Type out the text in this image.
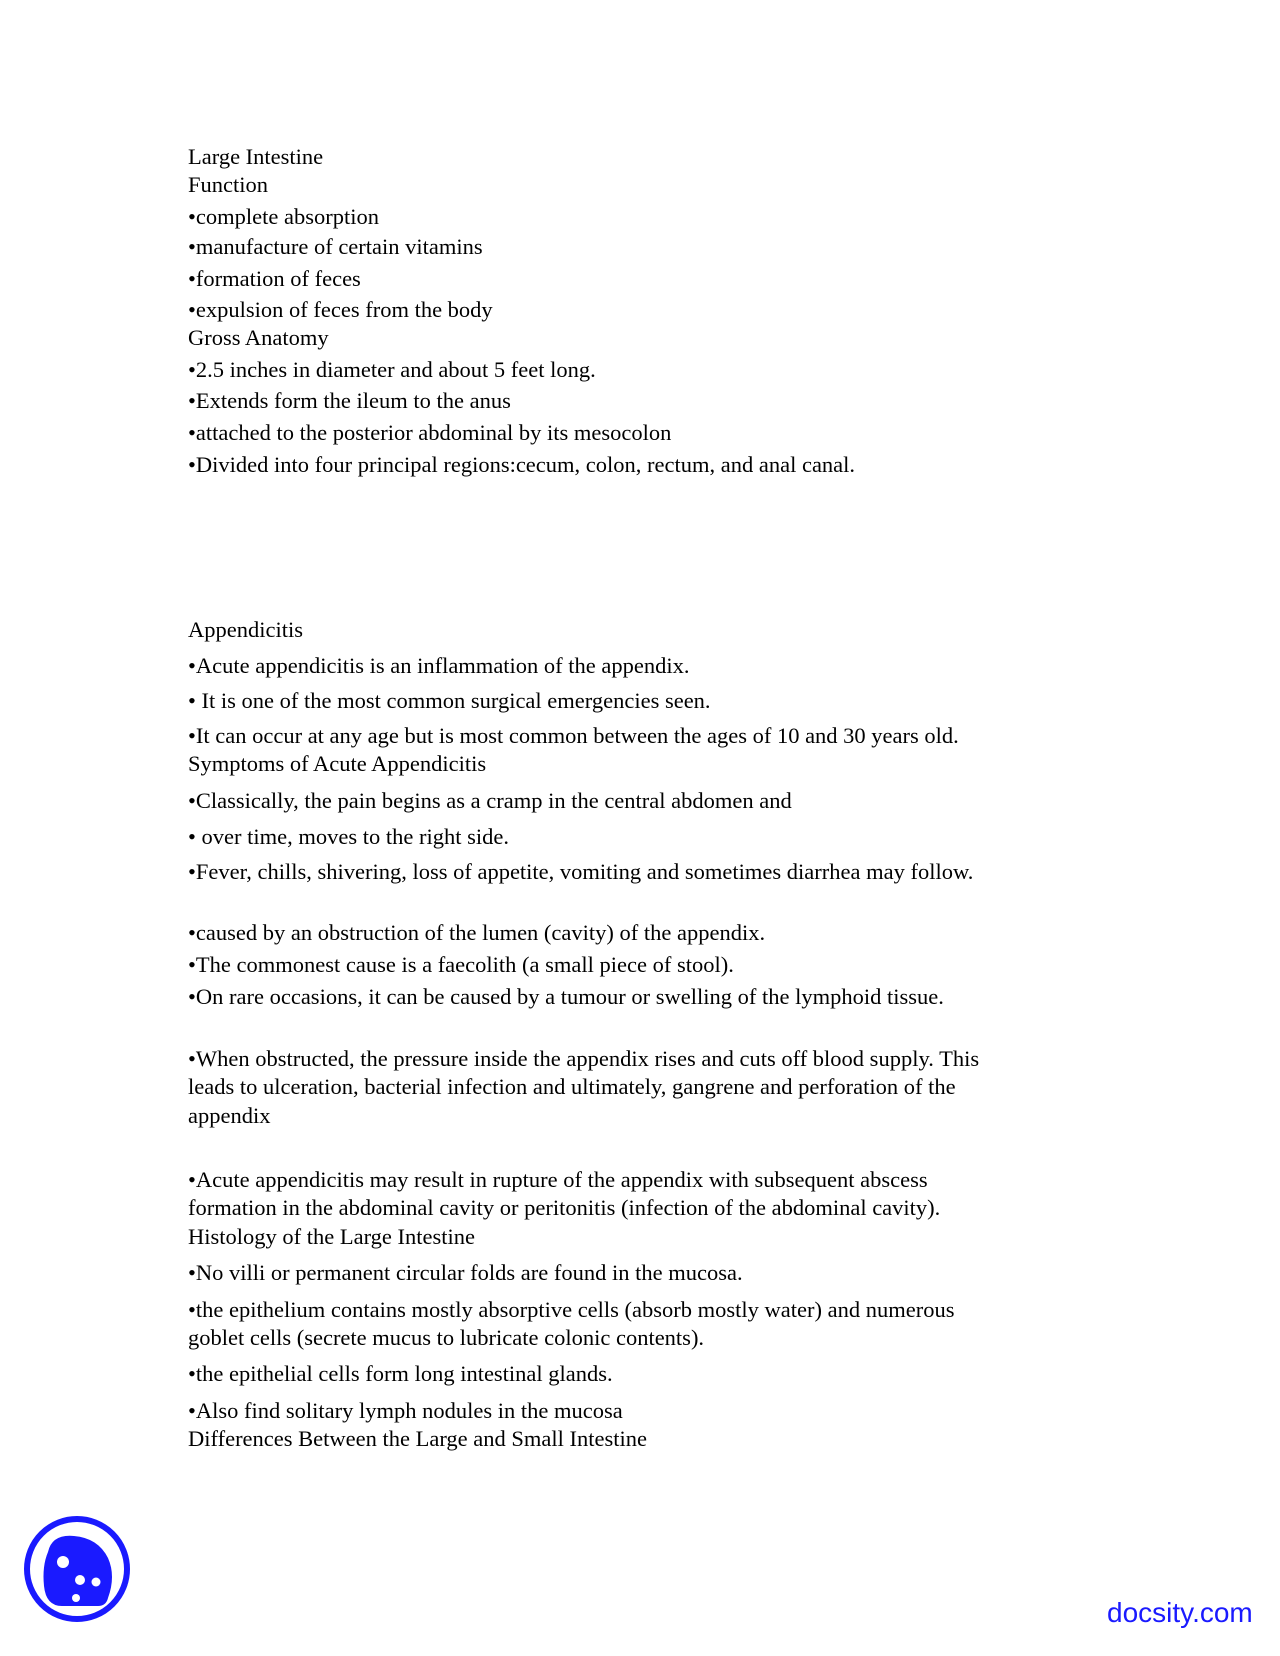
Large Intestine
Function
• complete absorption
• manufacture of certain vitamins
• formation of feces
• expulsion of feces from the body
Gross Anatomy
• 2.5 inches in diameter and about 5 feet long.
• Extends form the ileum to the anus
• attached to the posterior abdominal by its mesocolon
• Divided into four principal regions:cecum, colon, rectum, and anal canal.
Appendicitis
• Acute appendicitis is an inflammation of the appendix.
• It is one of the most common surgical emergencies seen.
• It can occur at any age but is most common between the ages of 10 and 30 years old.
Symptoms of Acute Appendicitis
• Classically, the pain begins as a cramp in the central abdomen and
• over time, moves to the right side.
• Fever, chills, shivering, loss of appetite, vomiting and sometimes diarrhea may follow.
• caused by an obstruction of the lumen (cavity) of the appendix.
• The commonest cause is a faecolith (a small piece of stool).
• On rare occasions, it can be caused by a tumour or swelling of the lymphoid tissue.
• When obstructed, the pressure inside the appendix rises and cuts off blood supply. This
leads to ulceration, bacterial infection and ultimately, gangrene and perforation of the
appendix
• Acute appendicitis may result in rupture of the appendix with subsequent abscess
formation in the abdominal cavity or peritonitis (infection of the abdominal cavity).
Histology of the Large Intestine
• No villi or permanent circular folds are found in the mucosa.
• the epithelium contains mostly absorptive cells (absorb mostly water) and numerous
goblet cells (secrete mucus to lubricate colonic contents).
• the epithelial cells form long intestinal glands.
• Also find solitary lymph nodules in the mucosa
Differences Between the Large and Small Intestine
docsity.com
